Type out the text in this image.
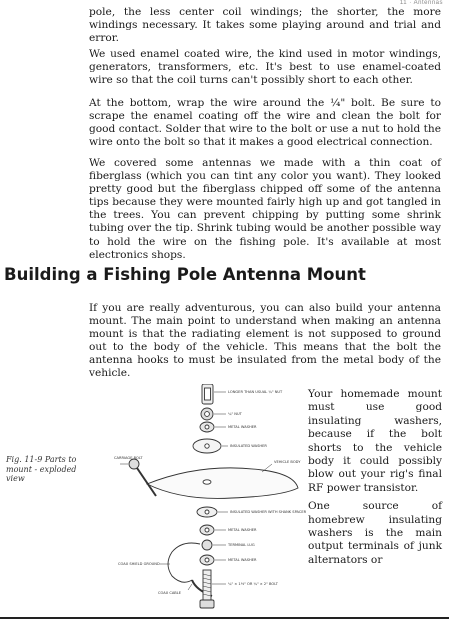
11 · Antennas

pole, the less center coil windings; the shorter, the more windings necessary. It takes some playing around and trial and error.

We used enamel coated wire, the kind used in motor windings, generators, transformers, etc. It's best to use enamel-coated wire so that the coil turns can't possibly short to each other.

At the bottom, wrap the wire around the ¼" bolt. Be sure to scrape the enamel coating off the wire and clean the bolt for good contact. Solder that wire to the bolt or use a nut to hold the wire onto the bolt so that it makes a good electrical connection.

We covered some antennas we made with a thin coat of fiberglass (which you can tint any color you want). They looked pretty good but the fiberglass chipped off some of the antenna tips because they were mounted fairly high up and got tangled in the trees. You can prevent chipping by putting some shrink tubing over the tip. Shrink tubing would be another possible way to hold the wire on the fishing pole. It's available at most electronics shops.

Building a Fishing Pole Antenna Mount

If you are really adventurous, you can also build your antenna mount. The main point to understand when making an antenna mount is that the radiating element is not supposed to ground out to the body of the vehicle. This means that the bolt the antenna hooks to must be insulated from the metal body of the vehicle.

Your homemade mount must use good insulating washers, because if the bolt shorts to the vehicle body it could possibly blow out your rig's final RF power transistor.

One source of homebrew insulating washers is the main output terminals of junk alternators or

Fig. 11-9 Parts to mount - exploded view
LONGER THAN USUAL ¼" NUT
¼" NUT
METAL WASHER
INSULATED WASHER
VEHICLE BODY
CARRIAGE BOLT
INSULATED WASHER WITH SHANK SPACER
METAL WASHER
TERMINAL LUG
COAX SHIELD GROUND
COAX CABLE
METAL WASHER
¼" × 1½" OR ¼" × 2" BOLT
